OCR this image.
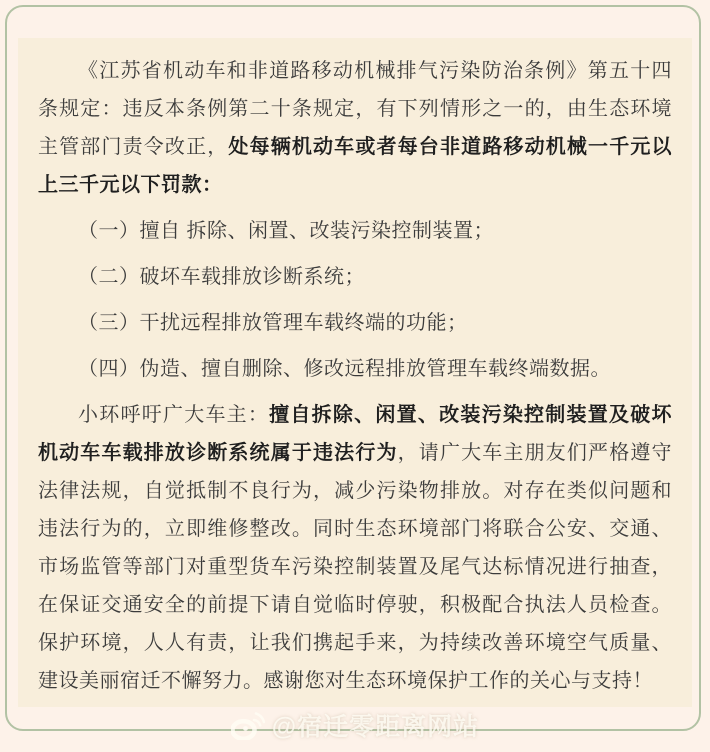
《江苏省机动车和非道路移动机械排气污染防治条例》第五十四条规定：违反本条例第二十条规定，有下列情形之一的，由生态环境主管部门责令改正，处每辆机动车或者每台非道路移动机械一千元以上三千元以下罚款：

（一）擅自 拆除、闲置、改装污染控制装置；

（二）破坏车载排放诊断系统；

（三）干扰远程排放管理车载终端的功能；

（四）伪造、擅自删除、修改远程排放管理车载终端数据。

小环呼吁广大车主：擅自拆除、闲置、改装污染控制装置及破坏机动车车载排放诊断系统属于违法行为，请广大车主朋友们严格遵守法律法规，自觉抵制不良行为，减少污染物排放。对存在类似问题和违法行为的，立即维修整改。同时生态环境部门将联合公安、交通、市场监管等部门对重型货车污染控制装置及尾气达标情况进行抽查，在保证交通安全的前提下请自觉临时停驶，积极配合执法人员检查。保护环境，人人有责，让我们携起手来，为持续改善环境空气质量、建设美丽宿迁不懈努力。感谢您对生态环境保护工作的关心与支持！

@宿迁零距离网站
